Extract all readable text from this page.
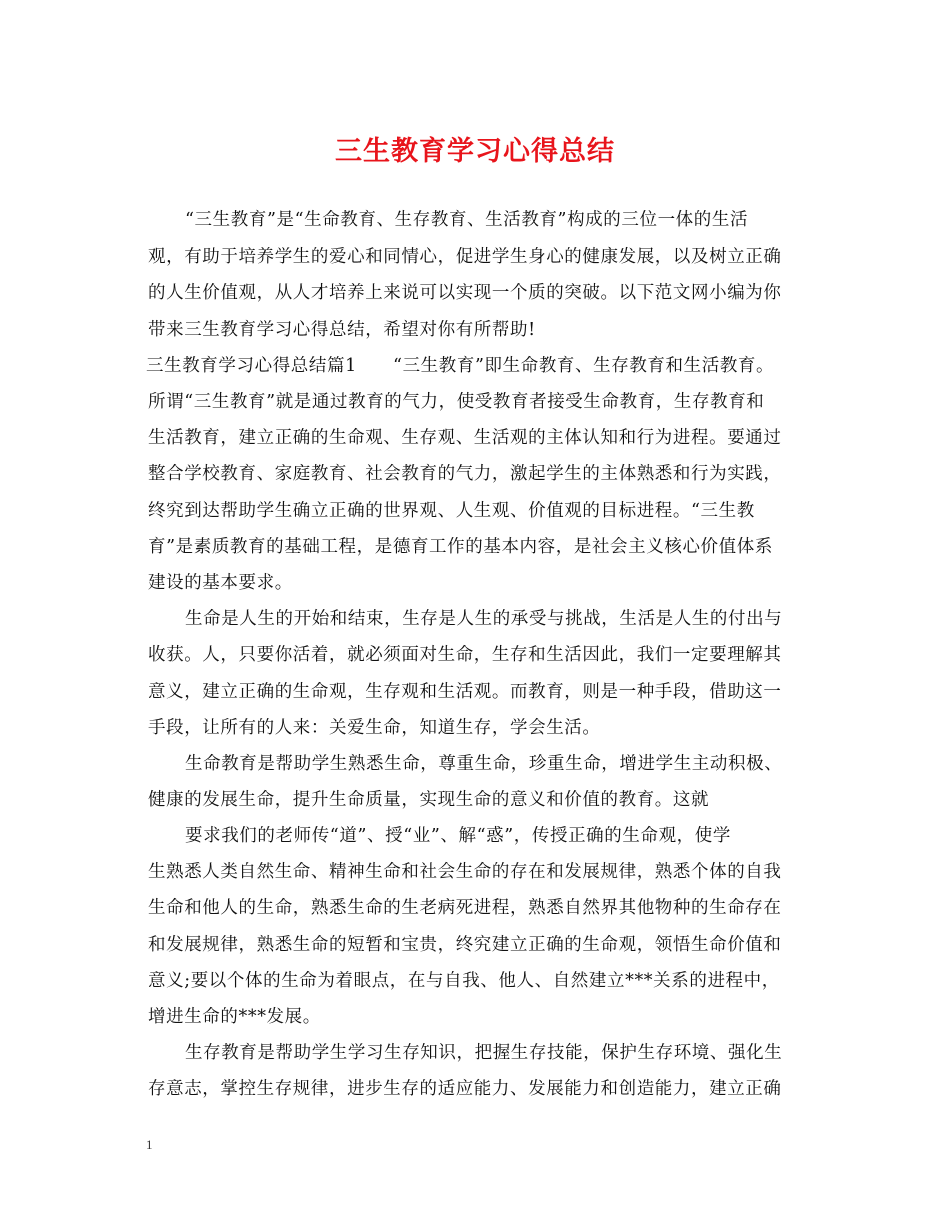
三生教育学习心得总结
“三生教育”是“生命教育、生存教育、生活教育”构成的三位一体的生活
观，有助于培养学生的爱心和同情心，促进学生身心的健康发展，以及树立正确
的人生价值观，从人才培养上来说可以实现一个质的突破。以下范文网小编为你
带来三生教育学习心得总结，希望对你有所帮助!
三生教育学习心得总结篇1　　“三生教育”即生命教育、生存教育和生活教育。
所谓“三生教育”就是通过教育的气力，使受教育者接受生命教育，生存教育和
生活教育，建立正确的生命观、生存观、生活观的主体认知和行为进程。要通过
整合学校教育、家庭教育、社会教育的气力，激起学生的主体熟悉和行为实践，
终究到达帮助学生确立正确的世界观、人生观、价值观的目标进程。“三生教
育”是素质教育的基础工程，是德育工作的基本内容，是社会主义核心价值体系
建设的基本要求。
生命是人生的开始和结束，生存是人生的承受与挑战，生活是人生的付出与
收获。人，只要你活着，就必须面对生命，生存和生活因此，我们一定要理解其
意义，建立正确的生命观，生存观和生活观。而教育，则是一种手段，借助这一
手段，让所有的人来：关爱生命，知道生存，学会生活。
生命教育是帮助学生熟悉生命，尊重生命，珍重生命，增进学生主动积极、
健康的发展生命，提升生命质量，实现生命的意义和价值的教育。这就
要求我们的老师传“道”、授“业”、解“惑”，传授正确的生命观，使学
生熟悉人类自然生命、精神生命和社会生命的存在和发展规律，熟悉个体的自我
生命和他人的生命，熟悉生命的生老病死进程，熟悉自然界其他物种的生命存在
和发展规律，熟悉生命的短暂和宝贵，终究建立正确的生命观，领悟生命价值和
意义;要以个体的生命为着眼点，在与自我、他人、自然建立***关系的进程中，
增进生命的***发展。
生存教育是帮助学生学习生存知识，把握生存技能，保护生存环境、强化生
存意志，掌控生存规律，进步生存的适应能力、发展能力和创造能力，建立正确
1
